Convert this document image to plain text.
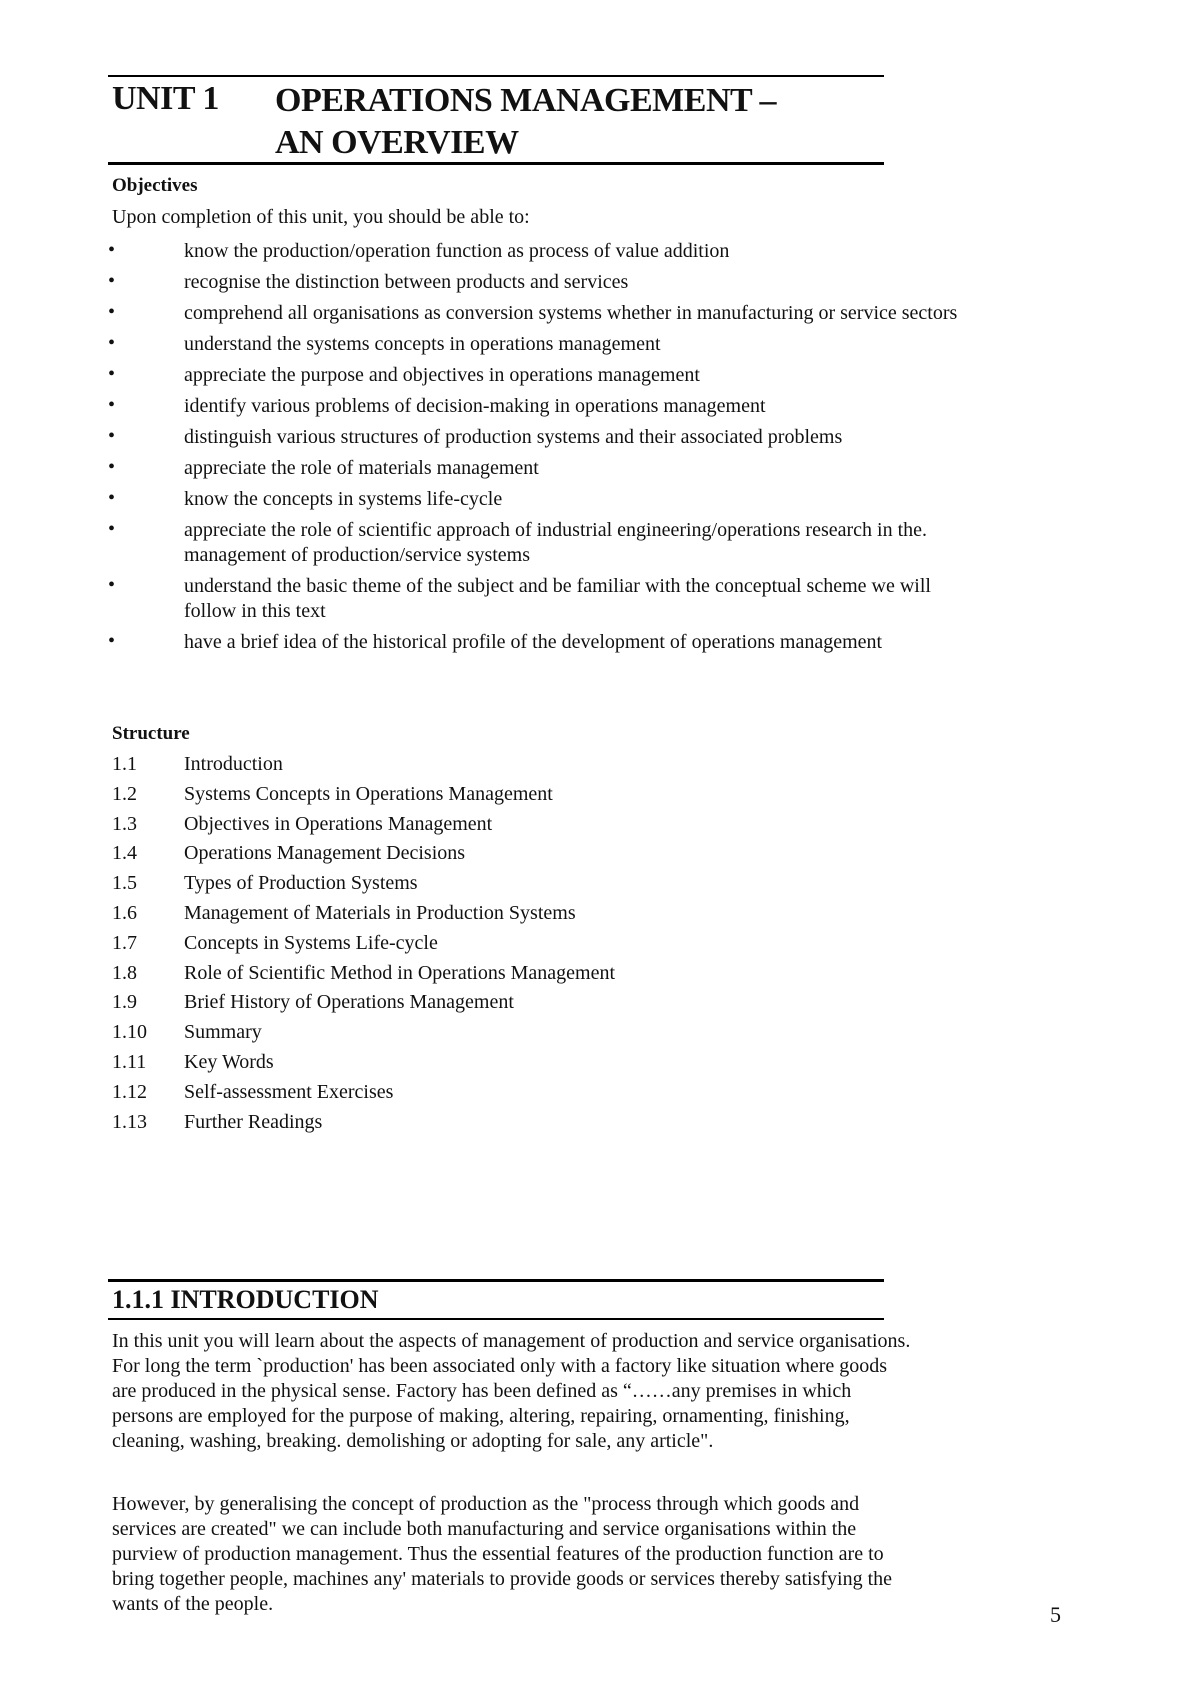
UNIT 1 OPERATIONS MANAGEMENT –
AN OVERVIEW
Objectives
Upon completion of this unit, you should be able to:
•	know the production/operation function as process of value addition
•	recognise the distinction between products and services
•	comprehend all organisations as conversion systems whether in manufacturing or service sectors
•	understand the systems concepts in operations management
•	appreciate the purpose and objectives in operations management
•	identify various problems of decision-making in operations management
•	distinguish various structures of production systems and their associated problems
•	appreciate the role of materials management
•	know the concepts in systems life-cycle
•	appreciate the role of scientific approach of industrial engineering/operations research in the. management of production/service systems
•	understand the basic theme of the subject and be familiar with the conceptual scheme we will follow in this text
•	have a brief idea of the historical profile of the development of operations management
Structure
1.1 Introduction
1.2 Systems Concepts in Operations Management
1.3 Objectives in Operations Management
1.4 Operations Management Decisions
1.5 Types of Production Systems
1.6 Management of Materials in Production Systems
1.7 Concepts in Systems Life-cycle
1.8 Role of Scientific Method in Operations Management
1.9 Brief History of Operations Management
1.10 Summary
1.11 Key Words
1.12 Self-assessment Exercises
1.13 Further Readings
1.1.1 INTRODUCTION

In this unit you will learn about the aspects of management of production and service organisations. For long the term `production' has been associated only with a factory like situation where goods are produced in the physical sense. Factory has been defined as “……any premises in which persons are employed for the purpose of making, altering, repairing, ornamenting, finishing, cleaning, washing, breaking. demolishing or adopting for sale, any article".

However, by generalising the concept of production as the "process through which goods and services are created" we can include both manufacturing and service organisations within the purview of production management. Thus the essential features of the production function are to bring together people, machines any' materials to provide goods or services thereby satisfying the wants of the people.	5
